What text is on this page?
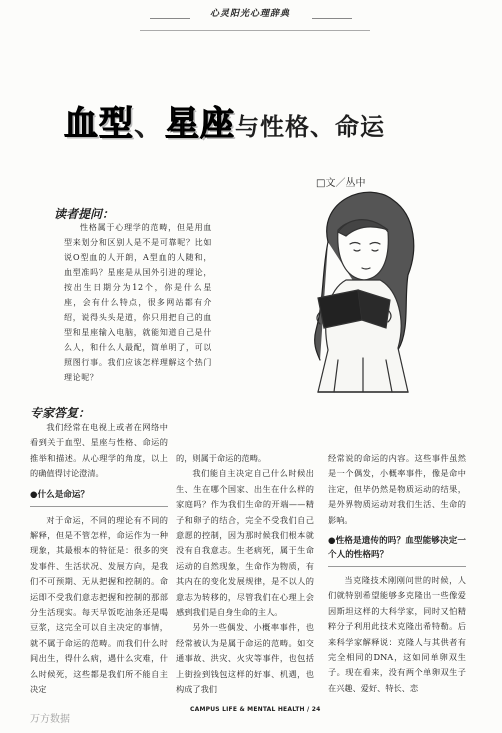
心灵阳光心理辞典
血型、星座与性格、命运
□文／丛中
读者提问：
性格属于心理学的范畴，但是用血型来划分和区别人是不是可靠呢？比如说O型血的人开朗，A型血的人随和，血型准吗？星座是从国外引进的理论，按出生日期分为12个，你是什么星座，会有什么特点，很多网站都有介绍，说得头头是道，你只用把自己的血型和星座输入电脑，就能知道自己是什么人，和什么人最配，简单明了，可以照图行事。我们应该怎样理解这个热门理论呢？
专家答复：

我们经常在电视上或者在网络中看到关于血型、星座与性格、命运的推举和描述。从心理学的角度，以上的确值得讨论澄清。

●什么是命运？

对于命运，不同的理论有不同的解释，但是不管怎样，命运作为一种现象，其最根本的特征是：很多的突发事件、生活状况、发展方向，是我们不可预期、无从把握和控制的。命运即不受我们意志把握和控制的那部分生活现实。每天早饭吃油条还是喝豆浆，这完全可以自主决定的事情，就不属于命运的范畴。而我们什么时间出生，得什么病，遇什么灾难，什么时候死，这些都是我们所不能自主决定

的，则属于命运的范畴。

我们能自主决定自己什么时候出生、生在哪个国家、出生在什么样的家庭吗？作为我们生命的开端——精子和卵子的结合，完全不受我们自己意愿的控制，因为那时候我们根本就没有自我意志。生老病死，属于生命运动的自然现象，生命作为物质，有其内在的变化发展规律，是不以人的意志为转移的，尽管我们在心理上会感到我们是自身生命的主人。

另外一些偶发、小概率事件，也经常被认为是属于命运的范畴。如交通事故、洪灾、火灾等事件，也包括上街捡到钱包这样的好事、机遇，也构成了我们

经常说的命运的内容。这些事件虽然是一个偶发，小概率事件，像是命中注定，但毕仍然是物质运动的结果，是外界物质运动对我们生活、生命的影响。

●性格是遗传的吗？血型能够决定一个人的性格吗？

当克隆技术刚刚问世的时候，人们就特别希望能够多克隆出一些像爱因斯坦这样的大科学家，同时又怕精粹分子利用此技术克隆出希特勒。后来科学家解释说：克隆人与其供者有完全相同的DNA，这如同单卵双生子。现在看来，没有两个单卵双生子在兴趣、爱好、特长、恋

CAMPUS LIFE & MENTAL HEALTH / 24
万方数据
